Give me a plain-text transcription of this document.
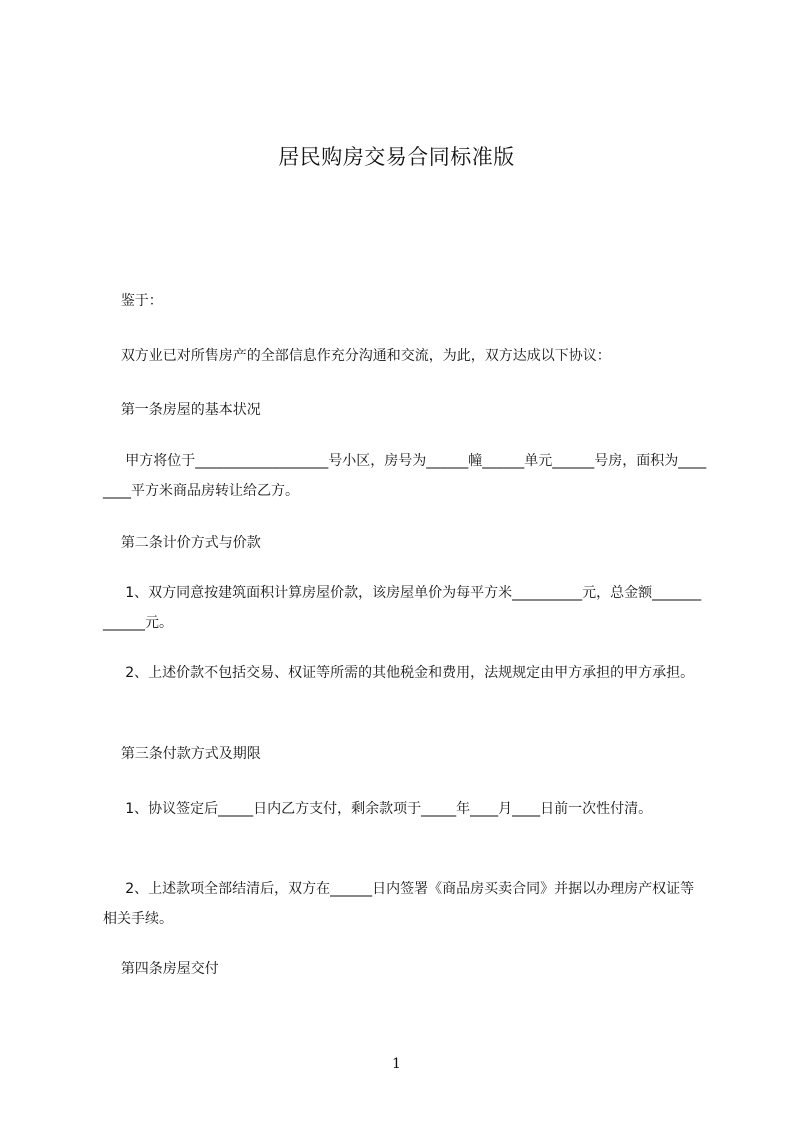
居民购房交易合同标准版
鉴于：
双方业已对所售房产的全部信息作充分沟通和交流，为此，双方达成以下协议：
第一条房屋的基本状况
甲方将位于___________________号小区，房号为______幢______单元______号房，面积为________平方米商品房转让给乙方。
第二条计价方式与价款
1、双方同意按建筑面积计算房屋价款，该房屋单价为每平方米__________元，总金额_____________元。
2、上述价款不包括交易、权证等所需的其他税金和费用，法规规定由甲方承担的甲方承担。
第三条付款方式及期限
1、协议签定后_____日内乙方支付，剩余款项于_____年____月____日前一次性付清。
2、上述款项全部结清后，双方在______日内签署《商品房买卖合同》并据以办理房产权证等相关手续。
第四条房屋交付
1
